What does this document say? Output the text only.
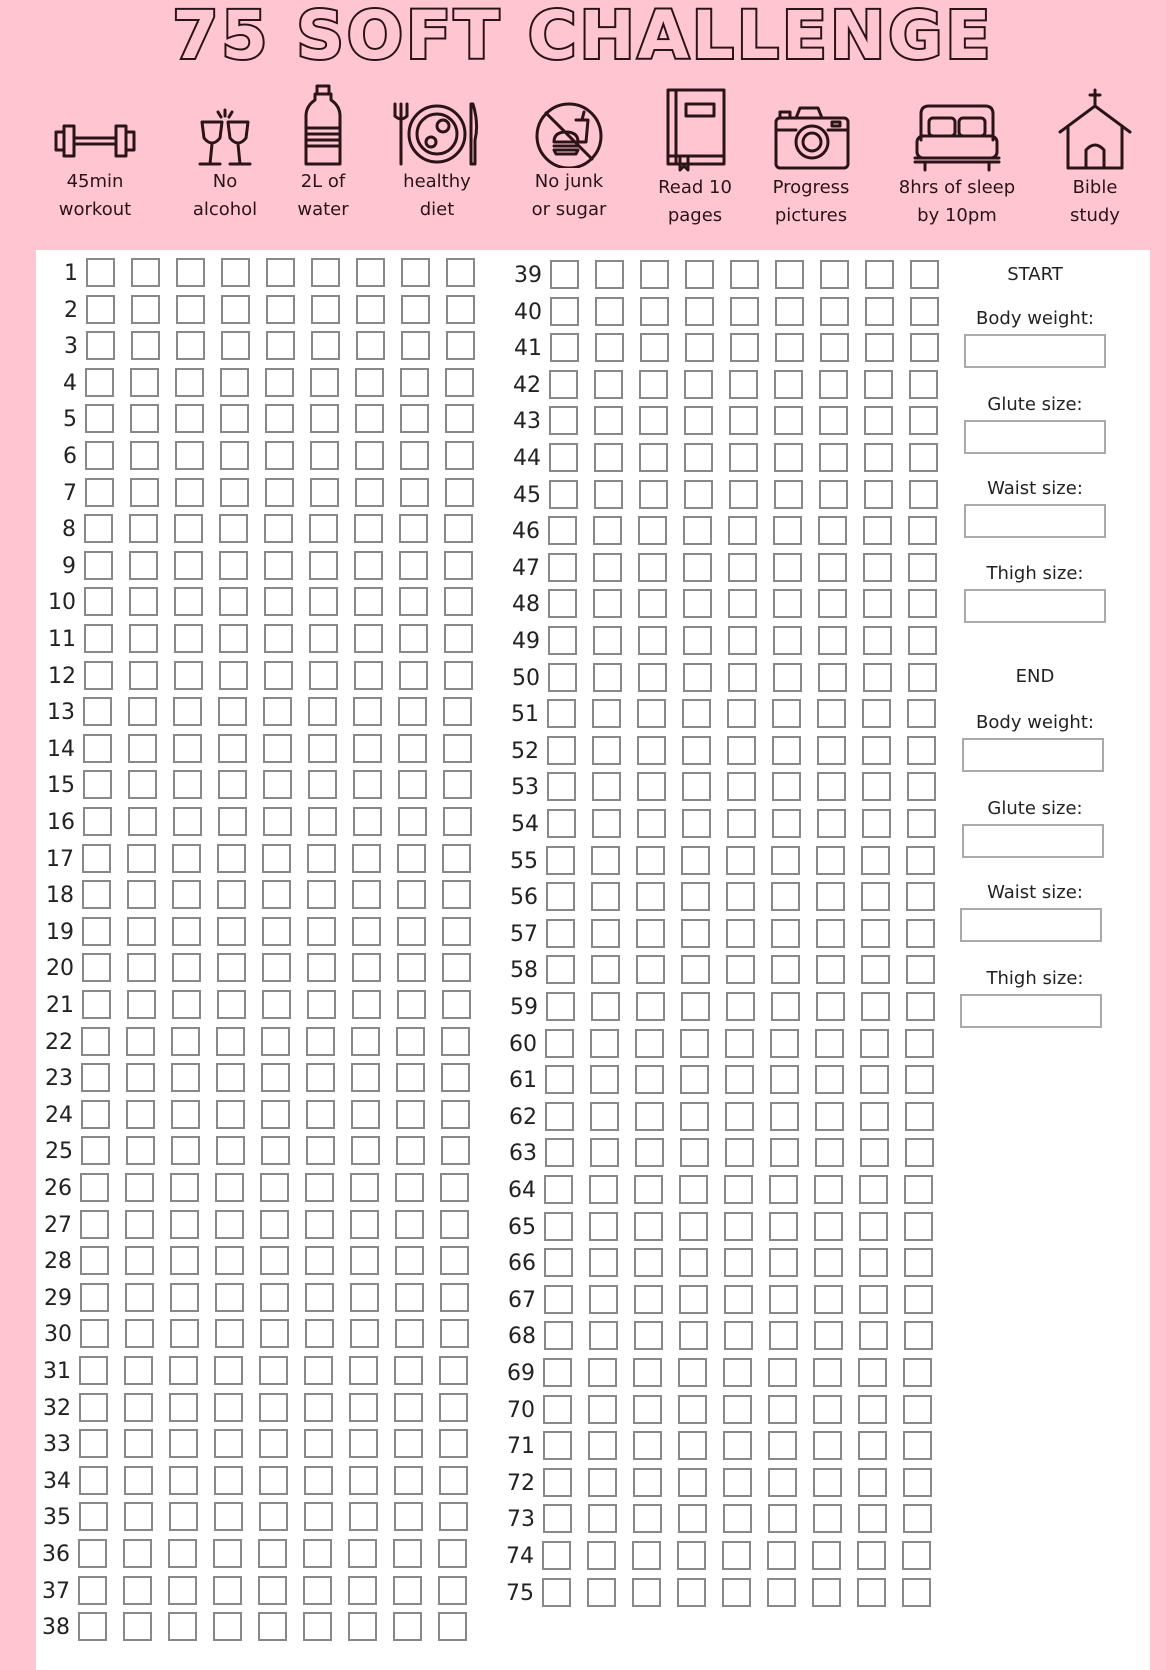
75 SOFT CHALLENGE
45min
workout
No
alcohol
2L of
water
healthy
diet
No junk
or sugar
Read 10
pages
Progress
pictures
8hrs of sleep
by 10pm
Bible
study
1
2
3
4
5
6
7
8
9
10
11
12
13
14
15
16
17
18
19
20
21
22
23
24
25
26
27
28
29
30
31
32
33
34
35
36
37
38
39
40
41
42
43
44
45
46
47
48
49
50
51
52
53
54
55
56
57
58
59
60
61
62
63
64
65
66
67
68
69
70
71
72
73
74
75
START
Body weight:
Glute size:
Waist size:
Thigh size:
END
Body weight:
Glute size:
Waist size:
Thigh size:
